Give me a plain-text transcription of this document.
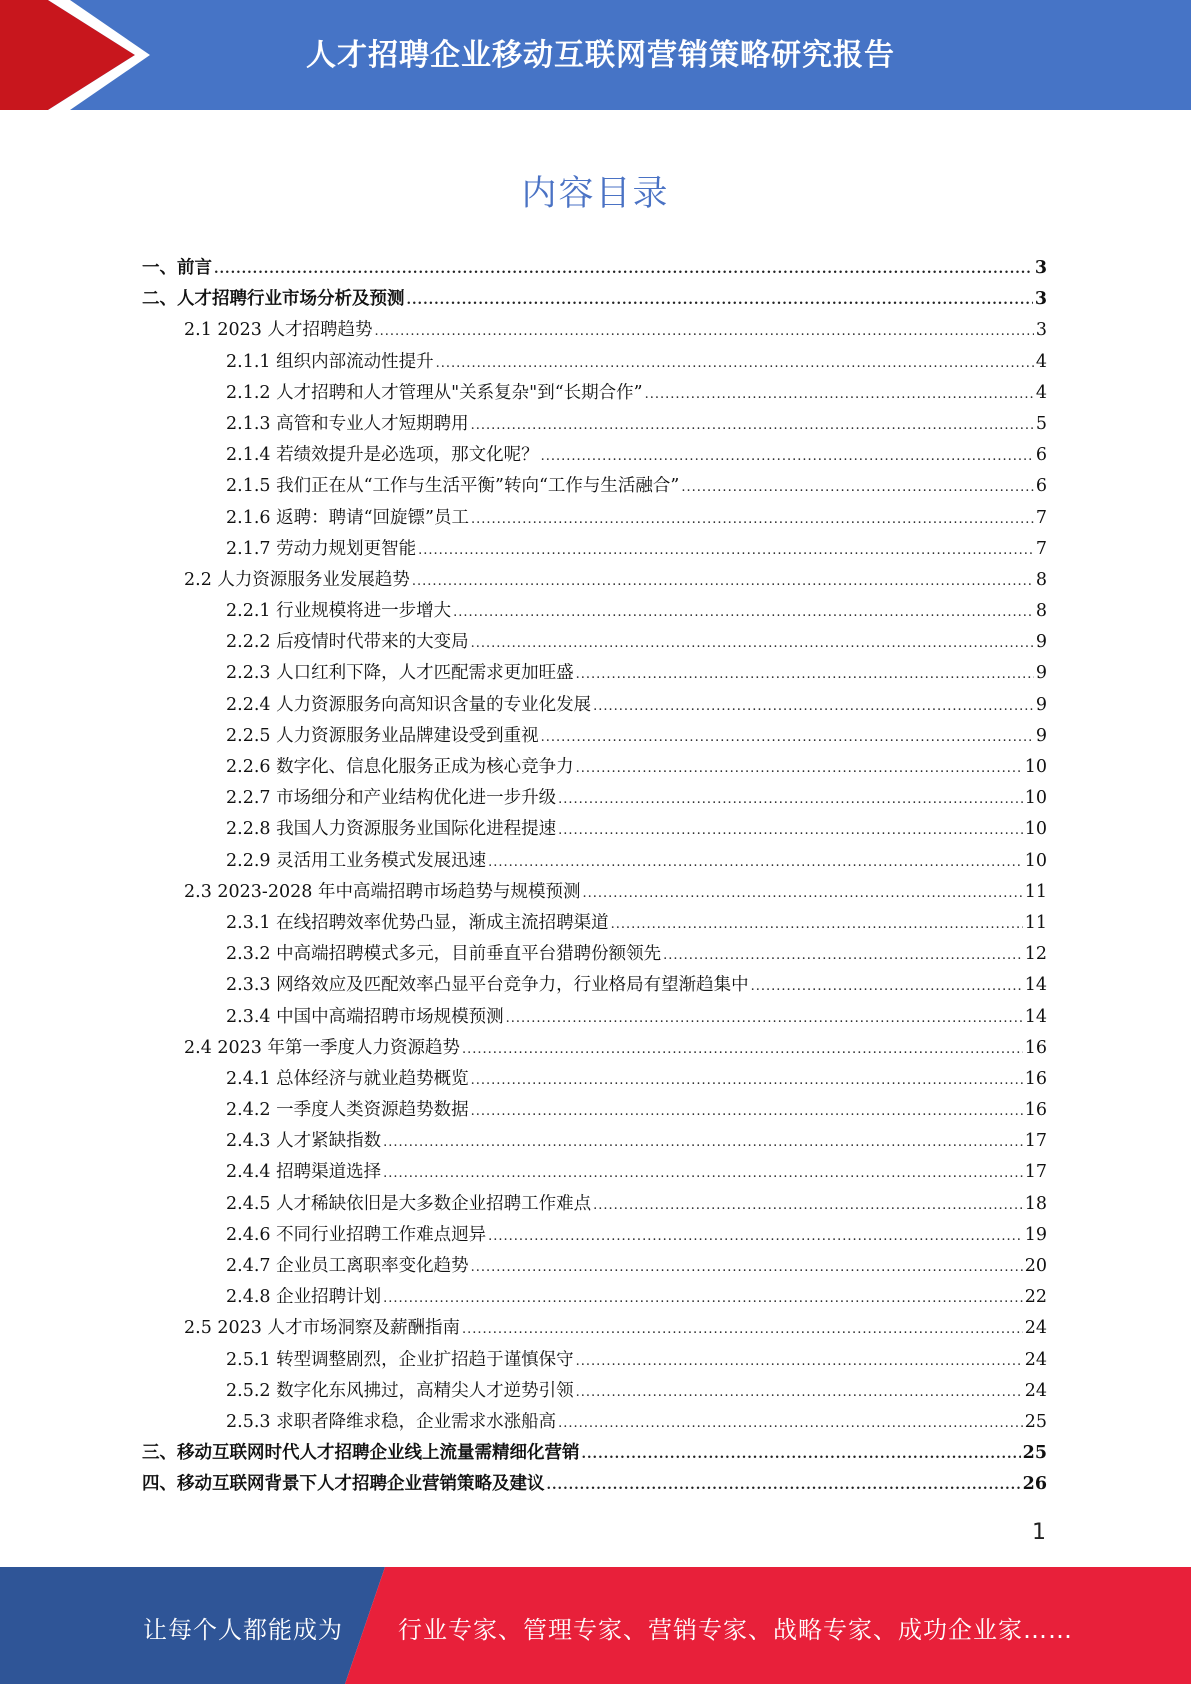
人才招聘企业移动互联网营销策略研究报告
内容目录
一、前言 .....	3
二、人才招聘行业市场分析及预测 .....	3
2.1 2023 人才招聘趋势 .....	3
2.1.1 组织内部流动性提升 .....	4
2.1.2 人才招聘和人才管理从"关系复杂"到“长期合作” .....	4
2.1.3 高管和专业人才短期聘用 .....	5
2.1.4 若绩效提升是必选项，那文化呢？ .....	6
2.1.5 我们正在从“工作与生活平衡”转向“工作与生活融合” .....	6
2.1.6 返聘：聘请“回旋镖”员工 .....	7
2.1.7 劳动力规划更智能 .....	7
2.2 人力资源服务业发展趋势 .....	8
2.2.1 行业规模将进一步增大 .....	8
2.2.2 后疫情时代带来的大变局 .....	9
2.2.3 人口红利下降，人才匹配需求更加旺盛 .....	9
2.2.4 人力资源服务向高知识含量的专业化发展 .....	9
2.2.5 人力资源服务业品牌建设受到重视 .....	9
2.2.6 数字化、信息化服务正成为核心竞争力 .....	10
2.2.7 市场细分和产业结构优化进一步升级 .....	10
2.2.8 我国人力资源服务业国际化进程提速 .....	10
2.2.9 灵活用工业务模式发展迅速 .....	10
2.3 2023-2028 年中高端招聘市场趋势与规模预测 .....	11
2.3.1 在线招聘效率优势凸显，渐成主流招聘渠道 .....	11
2.3.2 中高端招聘模式多元，目前垂直平台猎聘份额领先 .....	12
2.3.3 网络效应及匹配效率凸显平台竞争力，行业格局有望渐趋集中 .....	14
2.3.4 中国中高端招聘市场规模预测 .....	14
2.4 2023 年第一季度人力资源趋势 .....	16
2.4.1 总体经济与就业趋势概览 .....	16
2.4.2 一季度人类资源趋势数据 .....	16
2.4.3 人才紧缺指数 .....	17
2.4.4 招聘渠道选择 .....	17
2.4.5 人才稀缺依旧是大多数企业招聘工作难点 .....	18
2.4.6 不同行业招聘工作难点迥异 .....	19
2.4.7 企业员工离职率变化趋势 .....	20
2.4.8 企业招聘计划 .....	22
2.5 2023 人才市场洞察及薪酬指南 .....	24
2.5.1 转型调整剧烈，企业扩招趋于谨慎保守 .....	24
2.5.2 数字化东风拂过，高精尖人才逆势引领 .....	24
2.5.3 求职者降维求稳，企业需求水涨船高 .....	25
三、移动互联网时代人才招聘企业线上流量需精细化营销 .....	25
四、移动互联网背景下人才招聘企业营销策略及建议 .....	26
1
让每个人都能成为 行业专家、管理专家、营销专家、战略专家、成功企业家……
